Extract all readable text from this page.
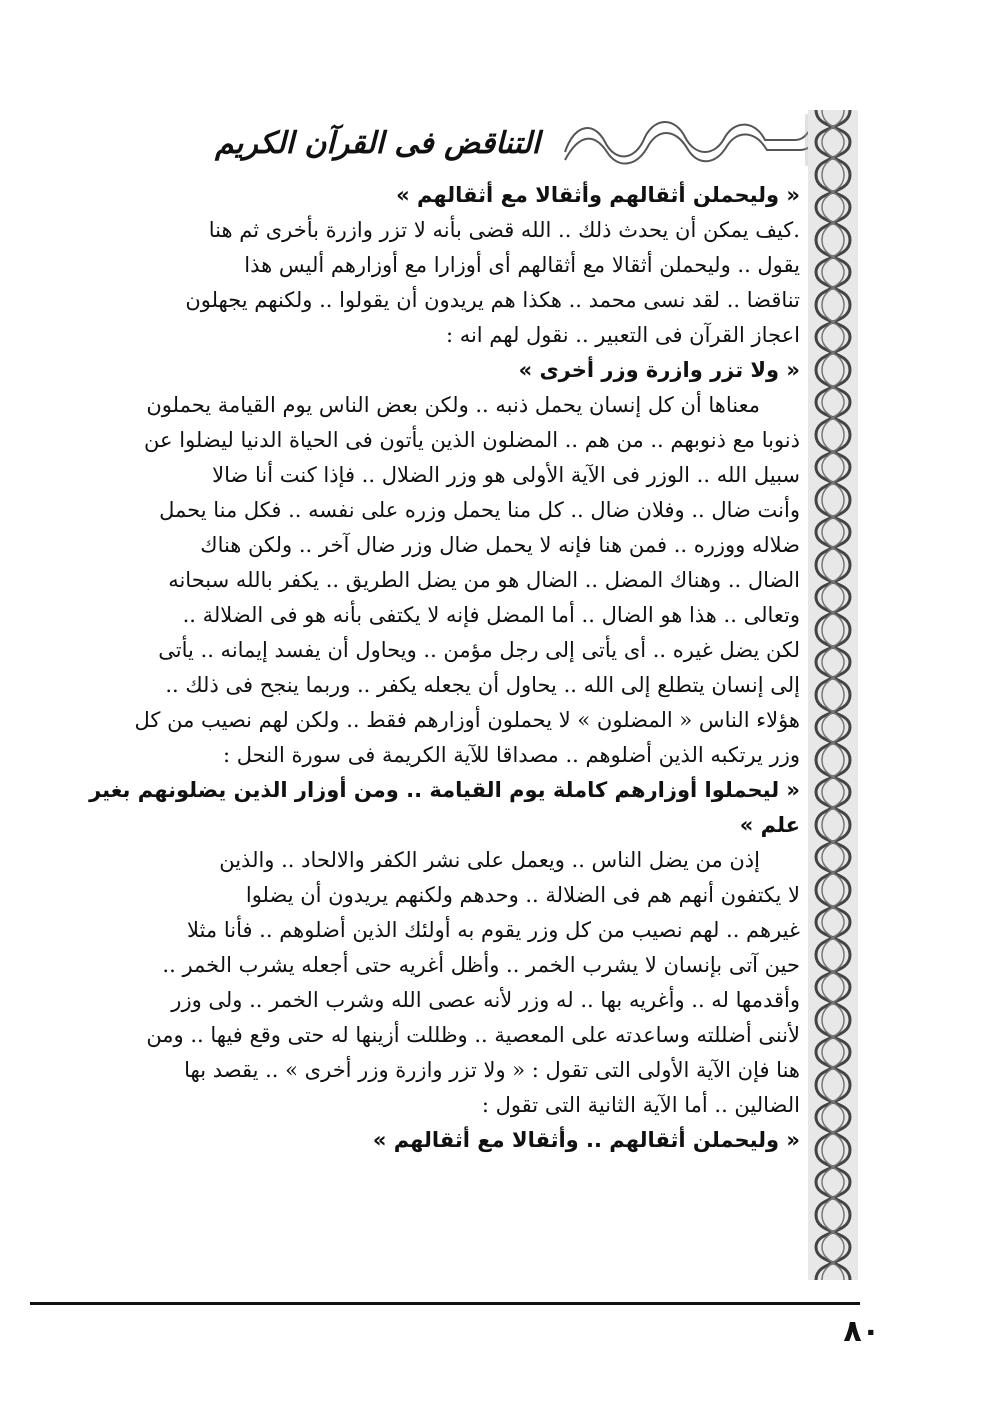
التناقض فى القرآن الكريم
« وليحملن أثقالهم وأثقالا مع أثقالهم »
.كيف يمكن أن يحدث ذلك .. الله قضى بأنه لا تزر وازرة بأخرى ثم هنا
يقول .. وليحملن أثقالا مع أثقالهم أى أوزارا مع أوزارهم أليس هذا
تناقضا .. لقد نسى محمد .. هكذا هم يريدون أن يقولوا .. ولكنهم يجهلون
اعجاز القرآن فى التعبير .. نقول لهم انه :
« ولا تزر وازرة وزر أخرى »
معناها أن كل إنسان يحمل ذنبه .. ولكن بعض الناس يوم القيامة يحملون
ذنوبا مع ذنوبهم .. من هم .. المضلون الذين يأتون فى الحياة الدنيا ليضلوا عن
سبيل الله .. الوزر فى الآية الأولى هو وزر الضلال .. فإذا كنت أنا ضالا
وأنت ضال .. وفلان ضال .. كل منا يحمل وزره على نفسه .. فكل منا يحمل
ضلاله ووزره .. فمن هنا فإنه لا يحمل ضال وزر ضال آخر .. ولكن هناك
الضال .. وهناك المضل .. الضال هو من يضل الطريق .. يكفر بالله سبحانه
وتعالى .. هذا هو الضال .. أما المضل فإنه لا يكتفى بأنه هو فى الضلالة ..
لكن يضل غيره .. أى يأتى إلى رجل مؤمن .. ويحاول أن يفسد إيمانه .. يأتى
إلى إنسان يتطلع إلى الله .. يحاول أن يجعله يكفر .. وربما ينجح فى ذلك ..
هؤلاء الناس « المضلون » لا يحملون أوزارهم فقط .. ولكن لهم نصيب من كل
وزر يرتكبه الذين أضلوهم .. مصداقا للآية الكريمة فى سورة النحل :
« ليحملوا أوزارهم كاملة يوم القيامة .. ومن أوزار الذين يضلونهم بغير
علم »
إذن من يضل الناس .. ويعمل على نشر الكفر والالحاد .. والذين
لا يكتفون أنهم هم فى الضلالة .. وحدهم ولكنهم يريدون أن يضلوا
غيرهم .. لهم نصيب من كل وزر يقوم به أولئك الذين أضلوهم .. فأنا مثلا
حين آتى بإنسان لا يشرب الخمر .. وأظل أغريه حتى أجعله يشرب الخمر ..
وأقدمها له .. وأغريه بها .. له وزر لأنه عصى الله وشرب الخمر .. ولى وزر
لأننى أضللته وساعدته على المعصية .. وظللت أزينها له حتى وقع فيها .. ومن
هنا فإن الآية الأولى التى تقول : « ولا تزر وازرة وزر أخرى » .. يقصد بها
الضالين .. أما الآية الثانية التى تقول :
« وليحملن أثقالهم .. وأثقالا مع أثقالهم »
٨٠
